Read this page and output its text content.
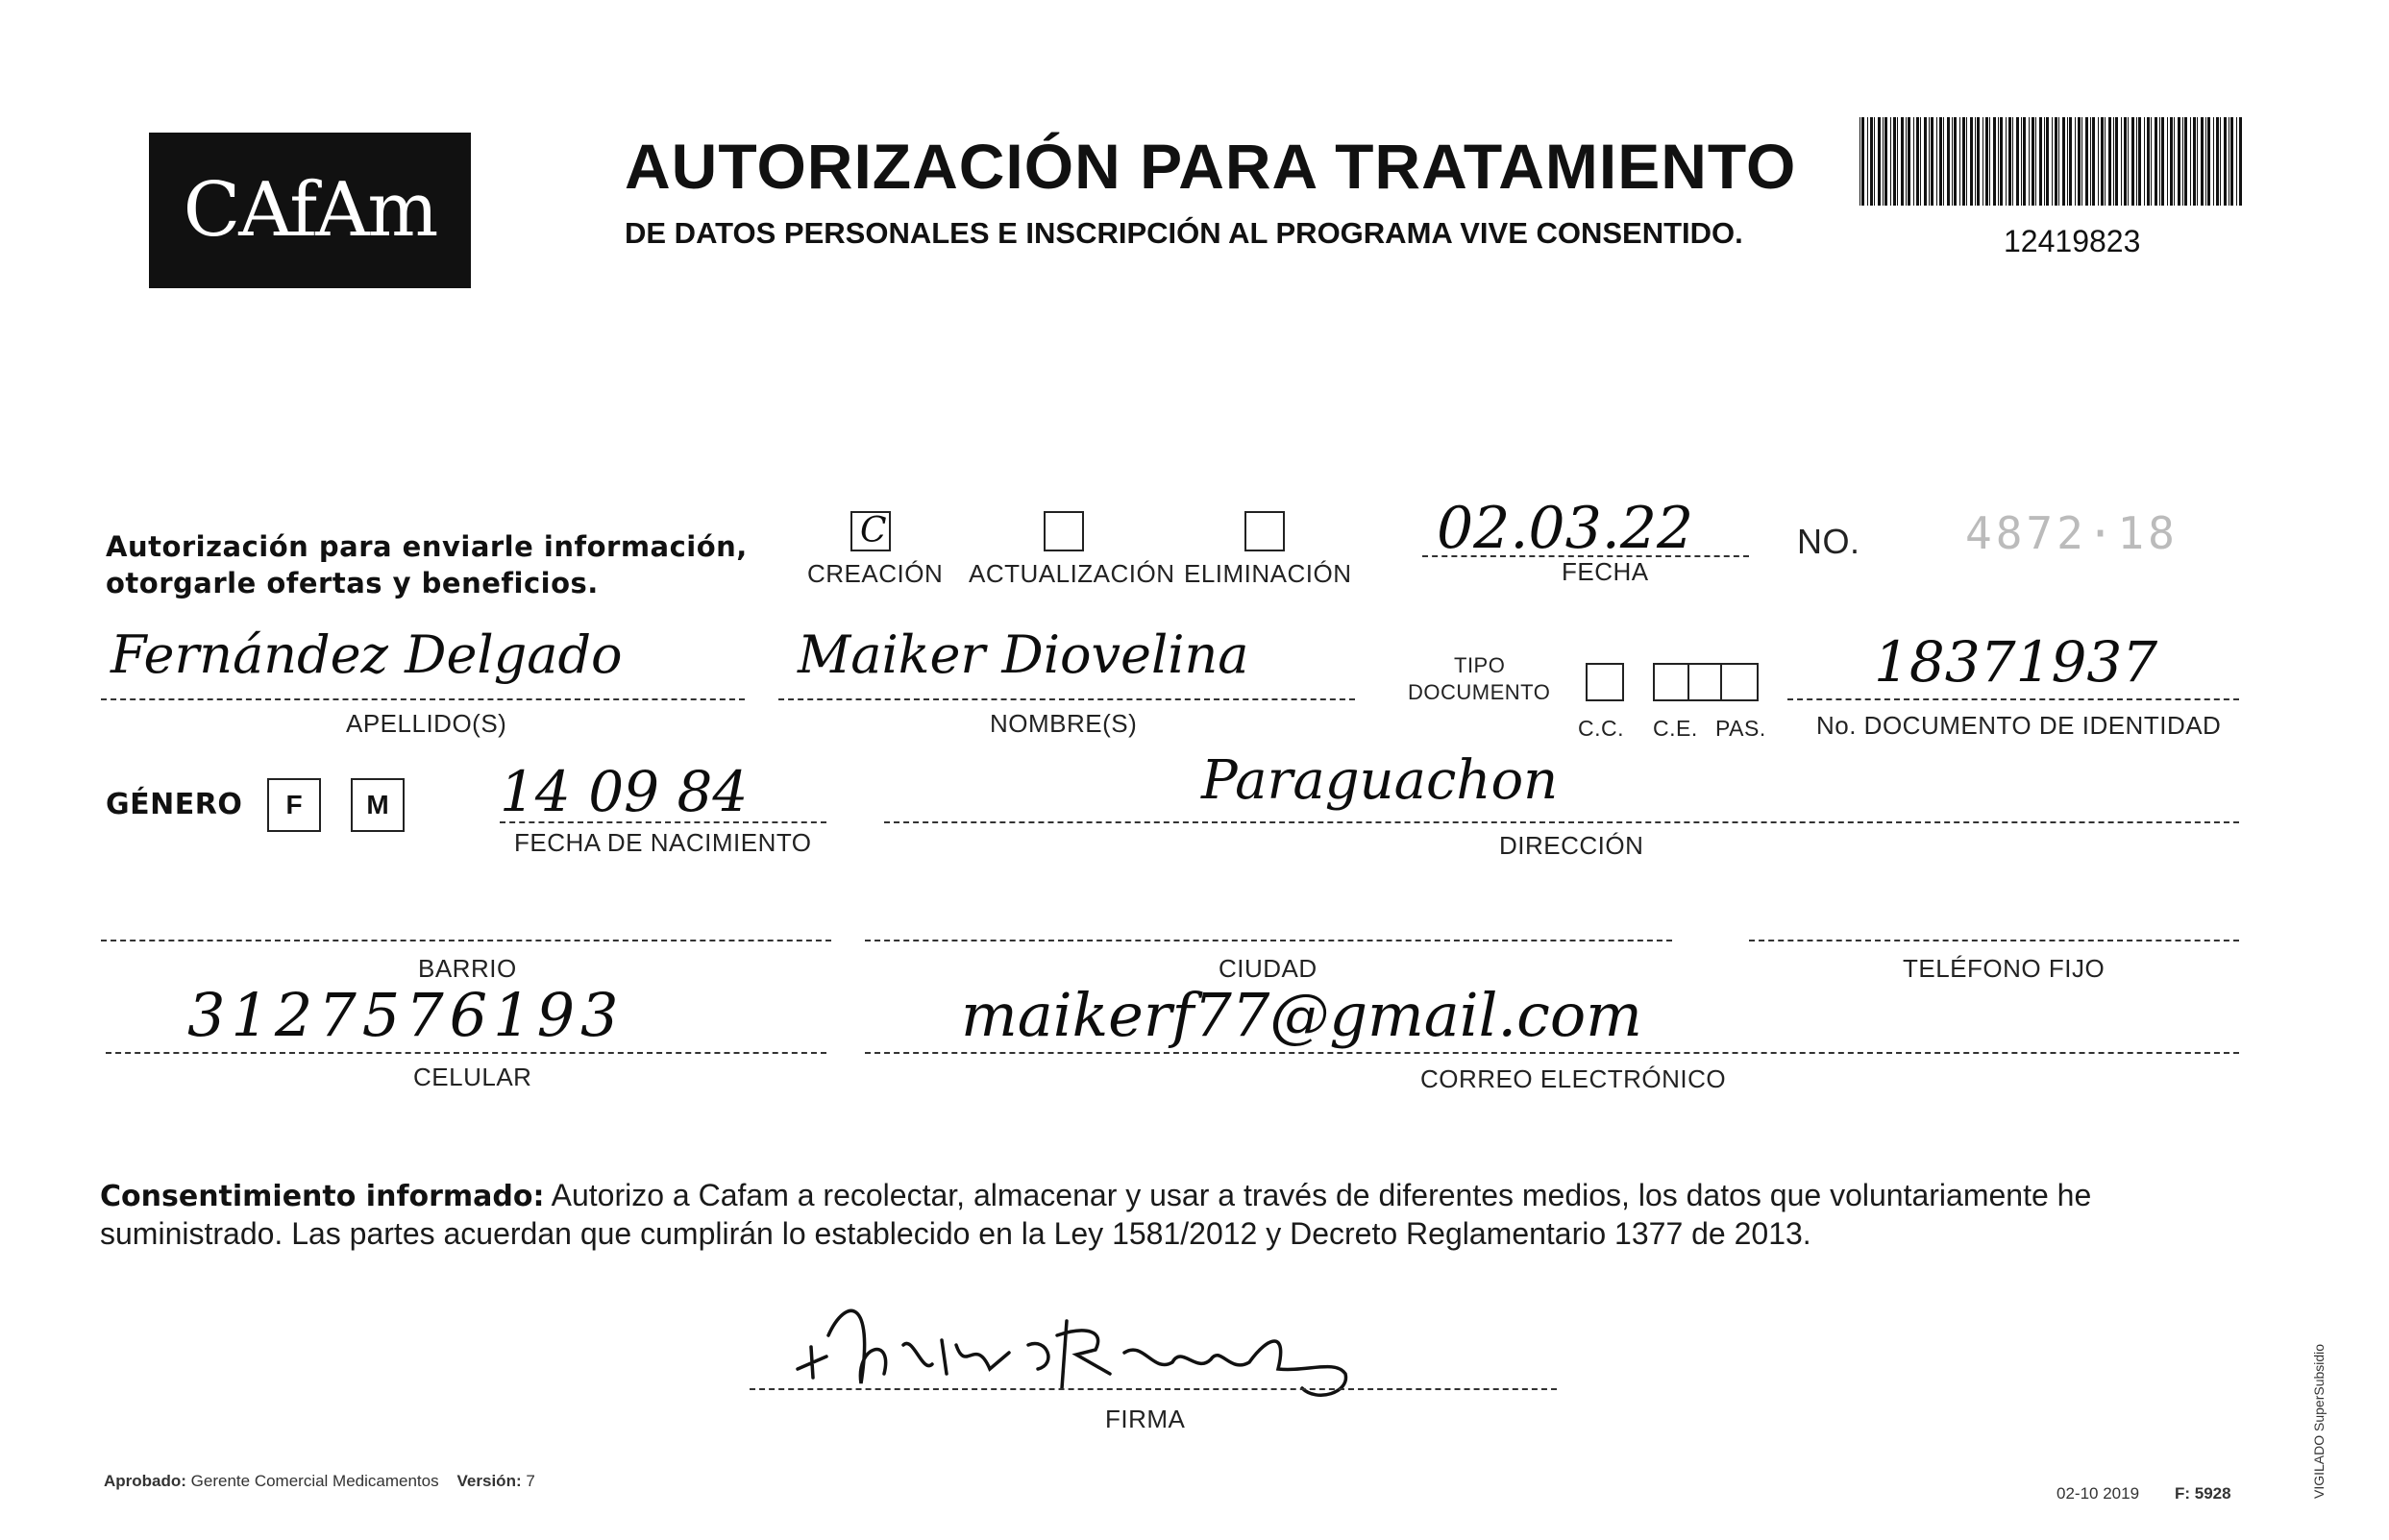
CAfAm
AUTORIZACIÓN PARA TRATAMIENTO
DE DATOS PERSONALES E INSCRIPCIÓN AL PROGRAMA VIVE CONSENTIDO.	12419823
Autorización para enviarle información,
otorgarle ofertas y beneficios.
C
CREACIÓN ACTUALIZACIÓN ELIMINACIÓN
02.03.22
FECHA
NO. 4872·18
Fernández Delgado
APELLIDO(S)
Maiker Diovelina
NOMBRE(S)
TIPO
DOCUMENTO
C.C. C.E. PAS.
18371937
No. DOCUMENTO DE IDENTIDAD
GÉNERO F M 14 09 84
FECHA DE NACIMIENTO
Paraguachon
DIRECCIÓN
BARRIO	CIUDAD	TELÉFONO FIJO
3127576193
CELULAR
maikerf77@gmail.com
CORREO ELECTRÓNICO
Consentimiento informado: Autorizo a Cafam a recolectar, almacenar y usar a través de diferentes medios, los datos que voluntariamente he suministrado. Las partes acuerdan que cumplirán lo establecido en la Ley 1581/2012 y Decreto Reglamentario 1377 de 2013.
FIRMA
Aprobado: Gerente Comercial Medicamentos Versión: 7
02-10 2019 F: 5928	VIGILADO SuperSubsidio
